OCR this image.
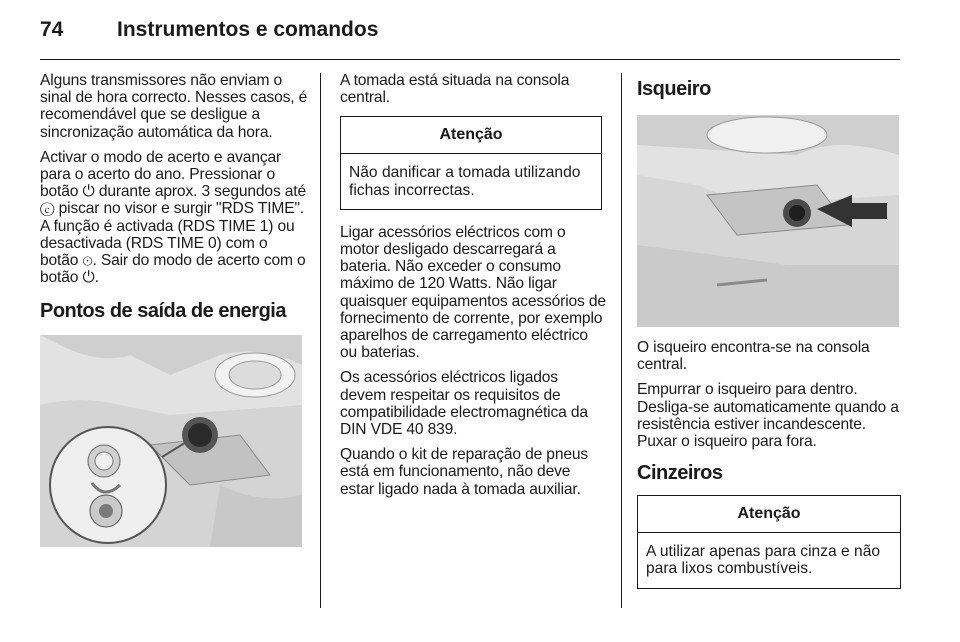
74	Instrumentos e comandos

Alguns transmissores não enviam o sinal de hora correcto. Nesses casos, é recomendável que se desligue a sincronização automática da hora.

Activar o modo de acerto e avançar para o acerto do ano. Pressionar o botão ⏻ durante aprox. 3 segundos até ⓒ piscar no visor e surgir "RDS TIME". A função é activada (RDS TIME 1) ou desactivada (RDS TIME 0) com o botão ⊙. Sair do modo de acerto com o botão ⏻.

Pontos de saída de energia

A tomada está situada na consola central.

Atenção
Não danificar a tomada utilizando fichas incorrectas.

Ligar acessórios eléctricos com o motor desligado descarregará a bateria. Não exceder o consumo máximo de 120 Watts. Não ligar quaisquer equipamentos acessórios de fornecimento de corrente, por exemplo aparelhos de carregamento eléctrico ou baterias.

Os acessórios eléctricos ligados devem respeitar os requisitos de compatibilidade electromagnética da DIN VDE 40 839.

Quando o kit de reparação de pneus está em funcionamento, não deve estar ligado nada à tomada auxiliar.

Isqueiro

O isqueiro encontra-se na consola central.

Empurrar o isqueiro para dentro. Desliga-se automaticamente quando a resistência estiver incandescente. Puxar o isqueiro para fora.

Cinzeiros
Atenção
A utilizar apenas para cinza e não para lixos combustíveis.
